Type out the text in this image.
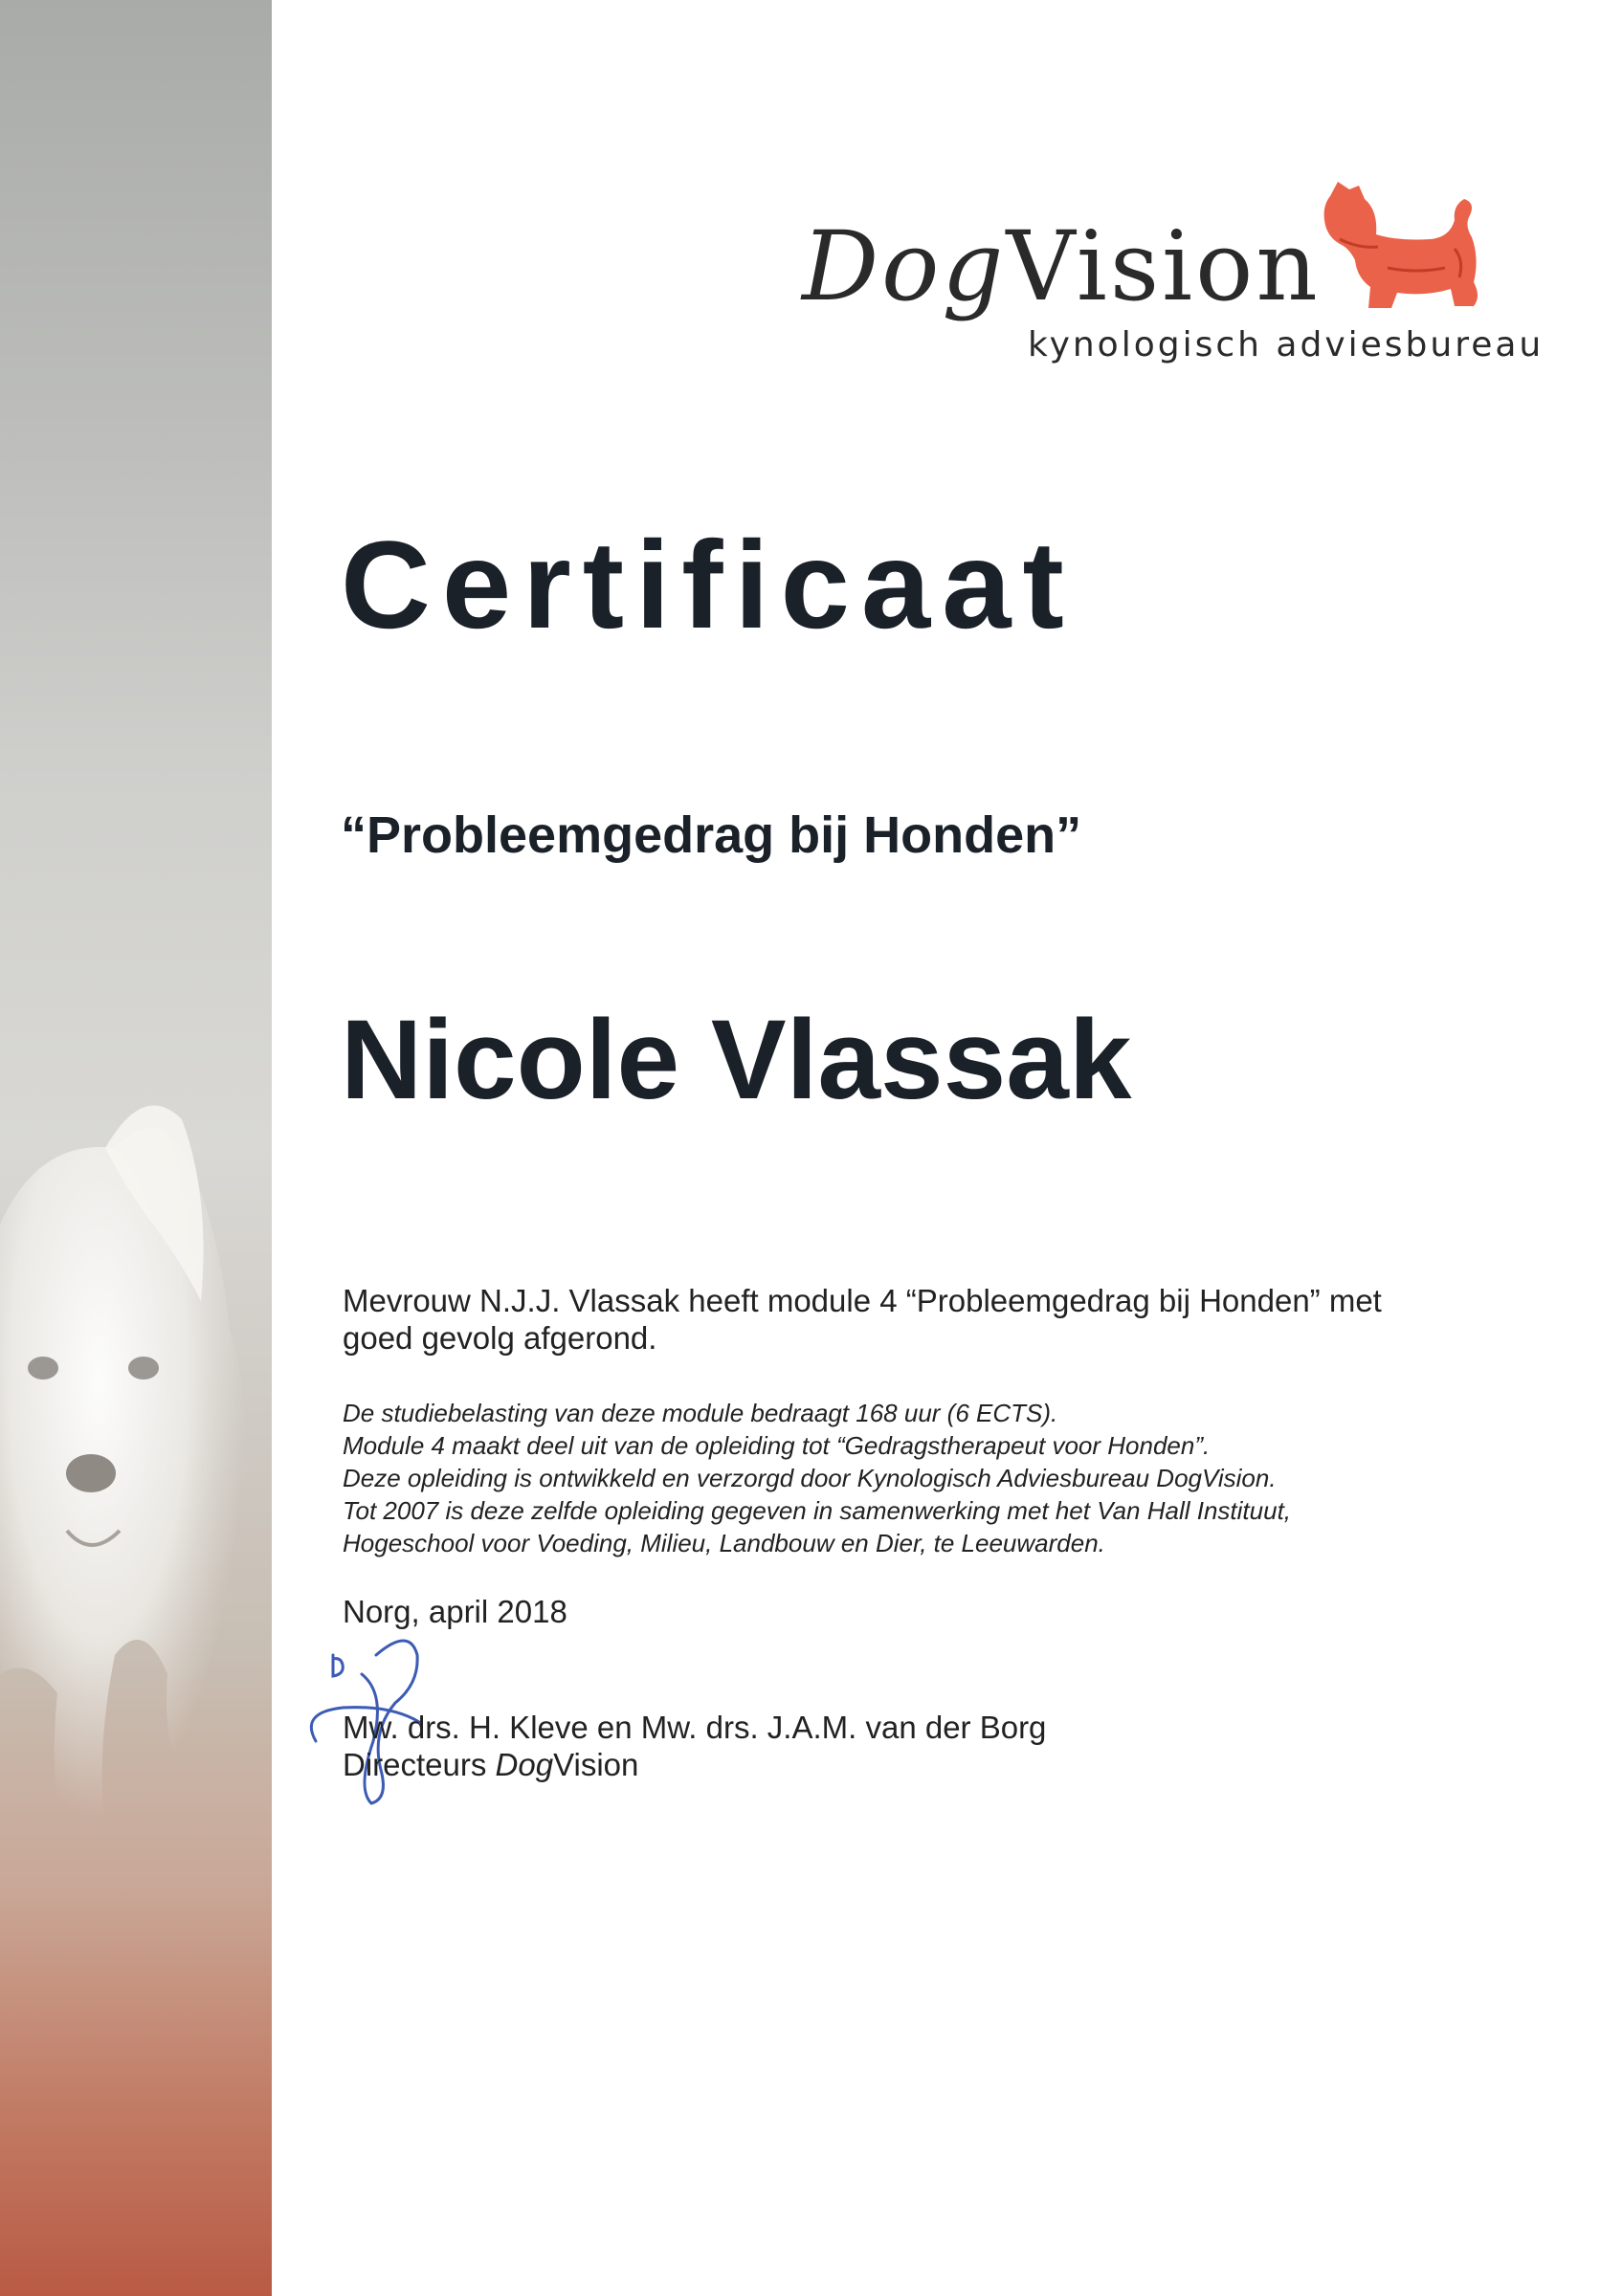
DogVision
kynologisch adviesbureau
Certificaat
“Probleemgedrag bij Honden”
Nicole Vlassak
Mevrouw N.J.J. Vlassak heeft module 4 “Probleemgedrag bij Honden” met
goed gevolg afgerond.
De studiebelasting van deze module bedraagt 168 uur (6 ECTS).
Module 4 maakt deel uit van de opleiding tot “Gedragstherapeut voor Honden”.
Deze opleiding is ontwikkeld en verzorgd door Kynologisch Adviesbureau DogVision.
Tot 2007 is deze zelfde opleiding gegeven in samenwerking met het Van Hall Instituut,
Hogeschool voor Voeding, Milieu, Landbouw en Dier, te Leeuwarden.
Norg, april 2018
Mw. drs. H. Kleve en Mw. drs. J.A.M. van der Borg
Directeurs DogVision
